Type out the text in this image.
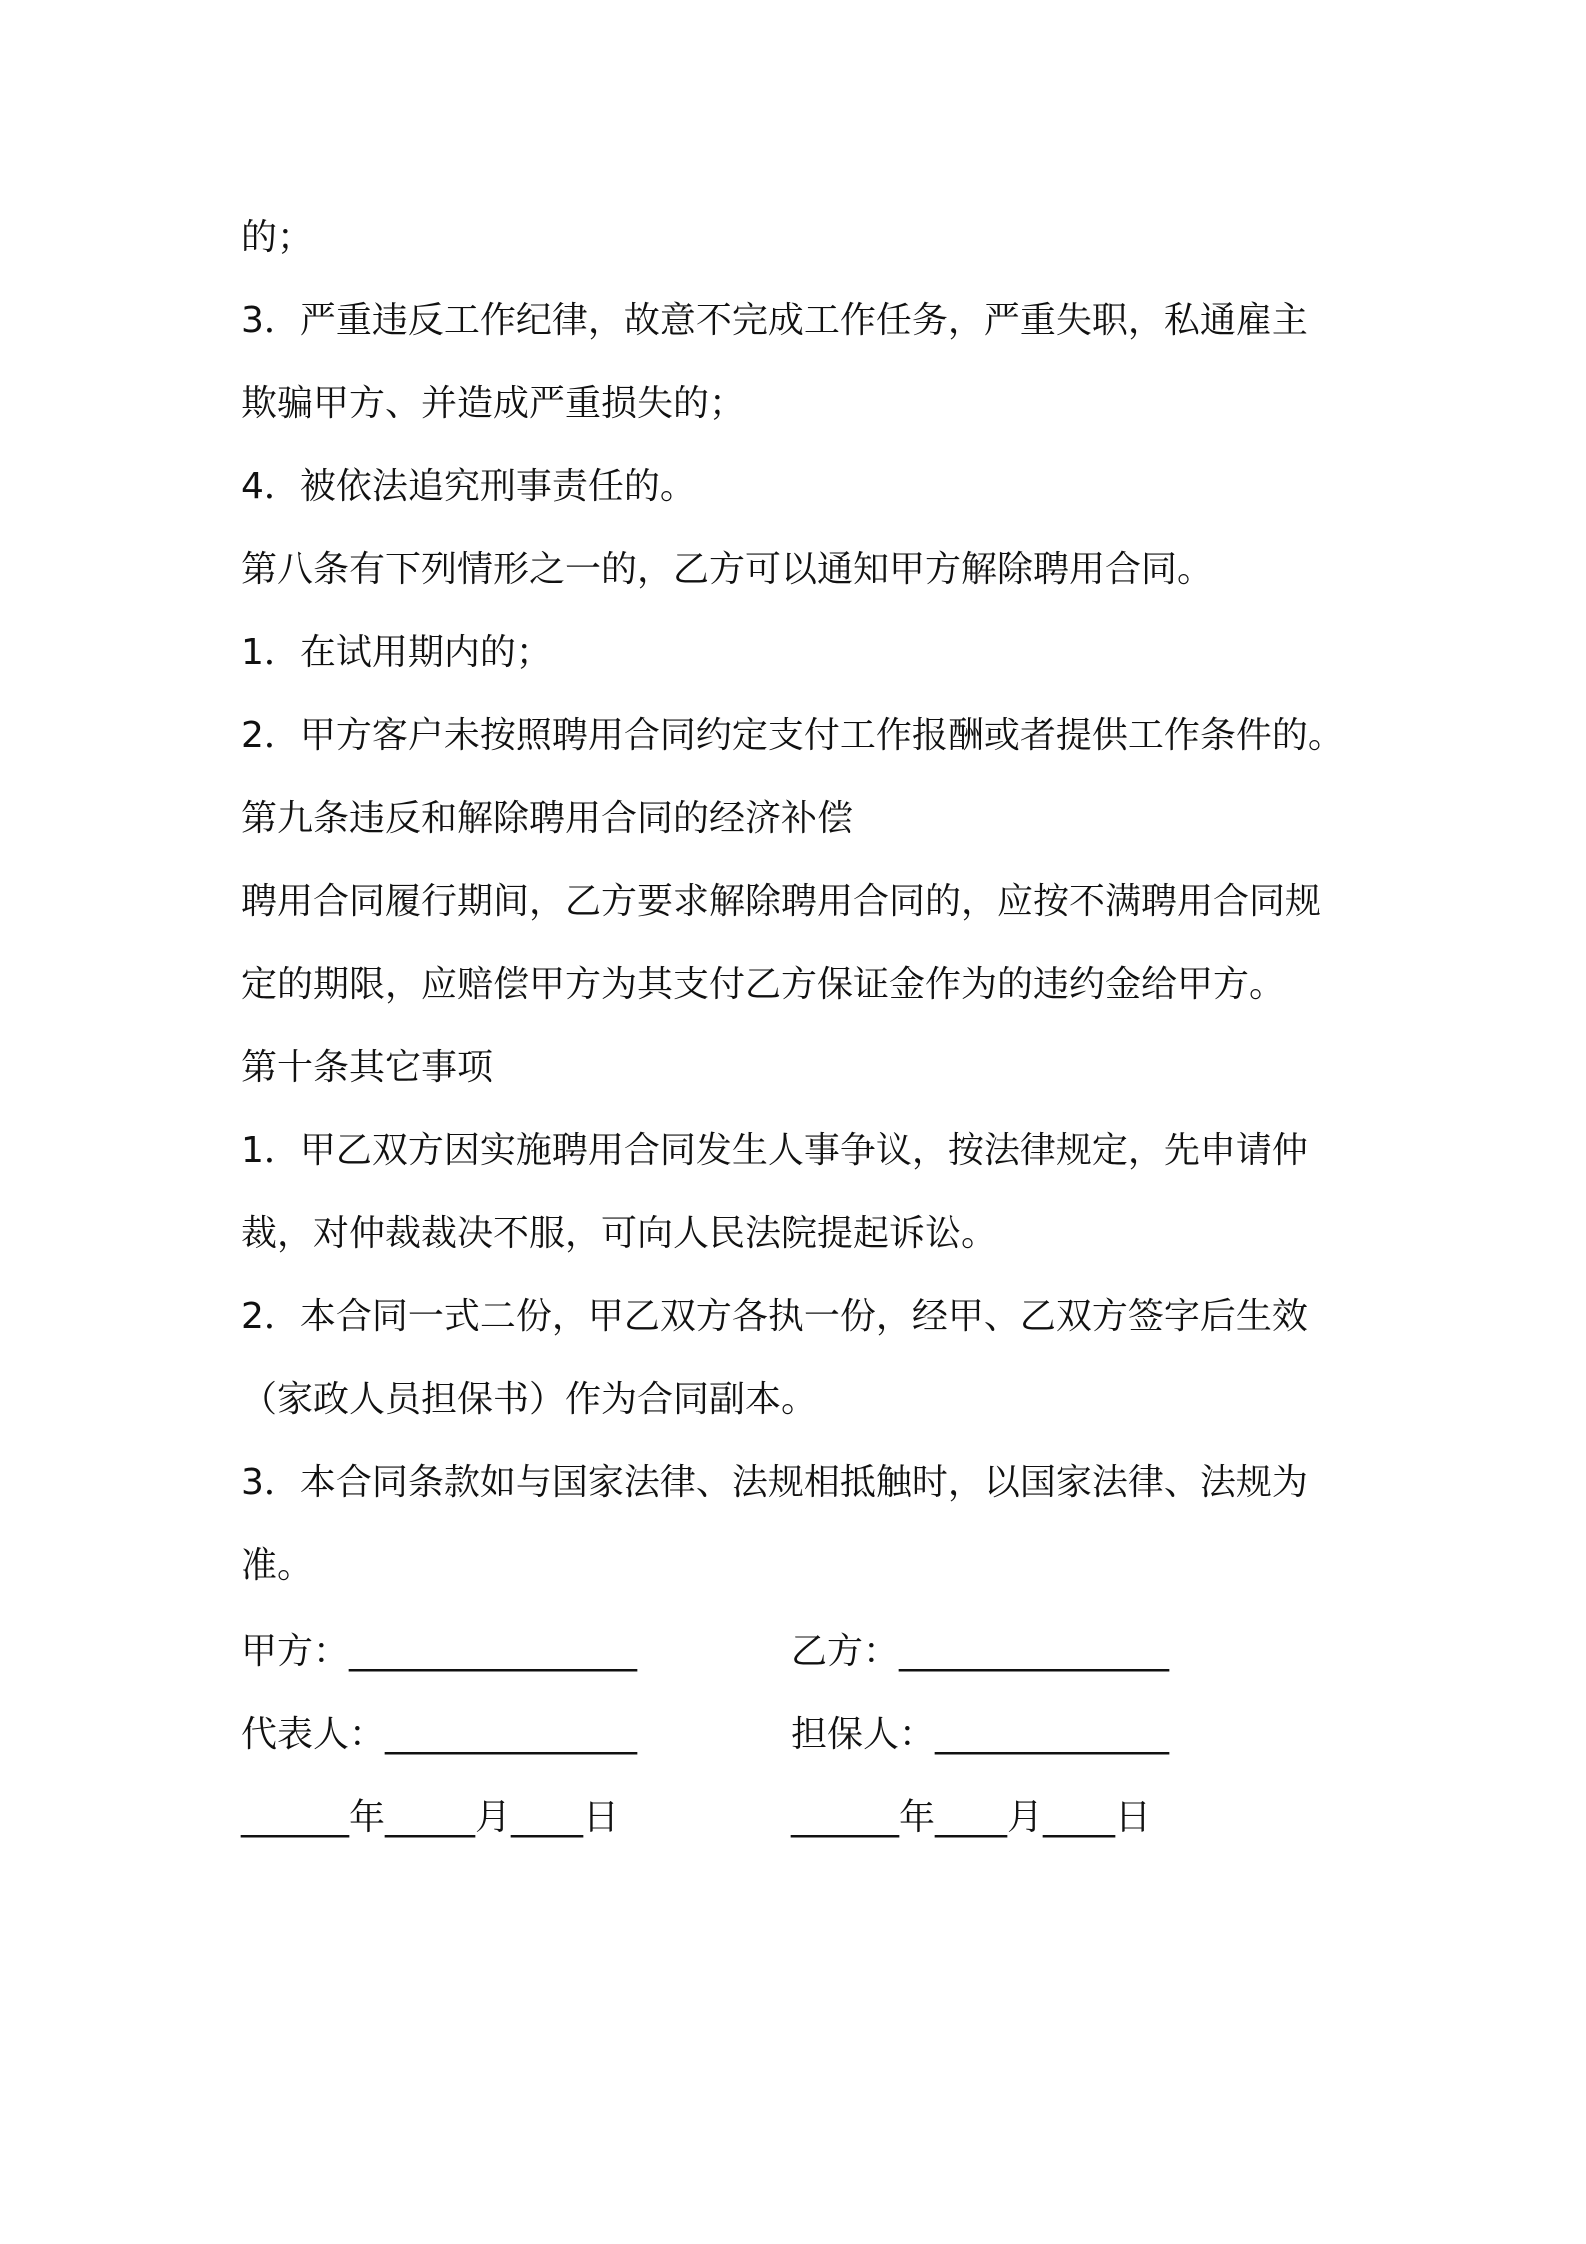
的；

3．严重违反工作纪律，故意不完成工作任务，严重失职，私通雇主

欺骗甲方、并造成严重损失的；

4．被依法追究刑事责任的。

第八条有下列情形之一的，乙方可以通知甲方解除聘用合同。

1．在试用期内的；

2．甲方客户未按照聘用合同约定支付工作报酬或者提供工作条件的。

第九条违反和解除聘用合同的经济补偿

聘用合同履行期间，乙方要求解除聘用合同的，应按不满聘用合同规

定的期限，应赔偿甲方为其支付乙方保证金作为的违约金给甲方。

第十条其它事项

1．甲乙双方因实施聘用合同发生人事争议，按法律规定，先申请仲

裁，对仲裁裁决不服，可向人民法院提起诉讼。

2．本合同一式二份，甲乙双方各执一份，经甲、乙双方签字后生效

（家政人员担保书）作为合同副本。

3．本合同条款如与国家法律、法规相抵触时，以国家法律、法规为

准。

甲方：________________	乙方：_______________
代表人：______________	担保人：_____________
______年_____月____日	______年____月____日
